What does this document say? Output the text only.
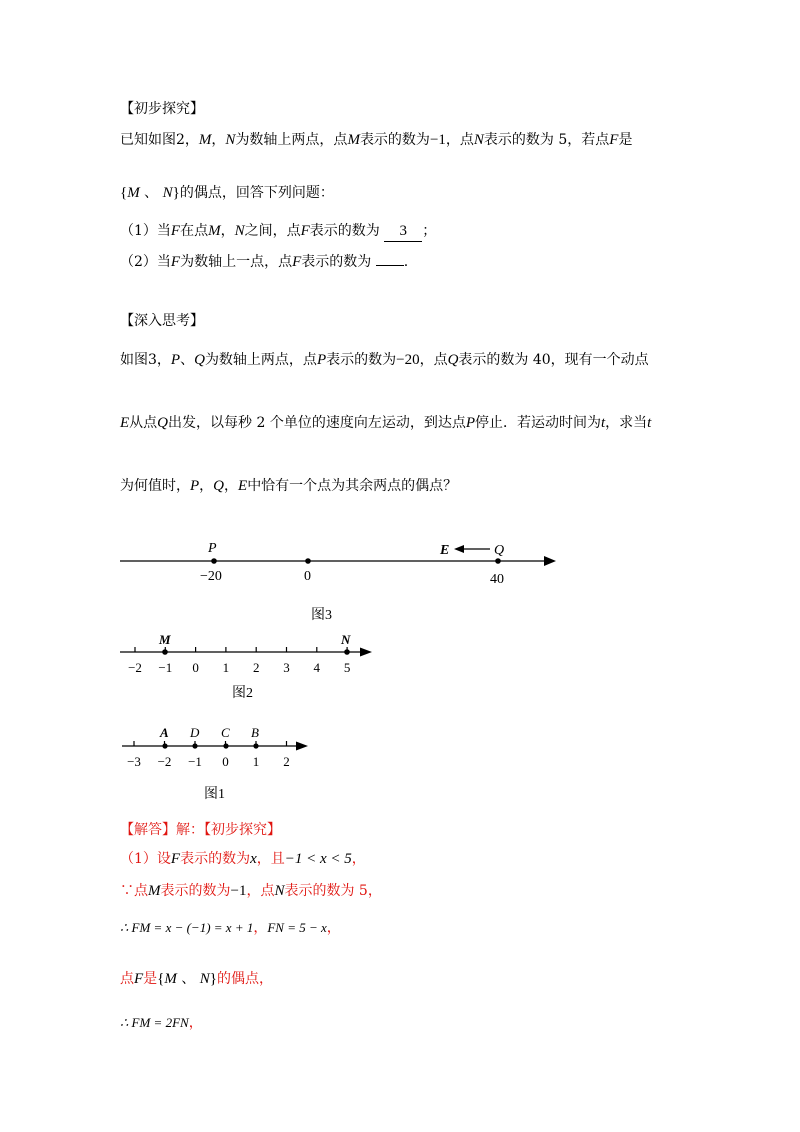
【初步探究】
已知如图2，M，N为数轴上两点，点M表示的数为−1，点N表示的数为 5，若点F是
{M 、 N}的偶点，回答下列问题：
（1）当F在点M，N之间，点F表示的数为 3 ；
（2）当F为数轴上一点，点F表示的数为 .
【深入思考】
如图3，P、Q为数轴上两点，点P表示的数为−20，点Q表示的数为 40，现有一个动点
E从点Q出发，以每秒 2 个单位的速度向左运动，到达点P停止．若运动时间为t，求当t
为何值时，P，Q，E中恰有一个点为其余两点的偶点？
P	E	Q
−20	0	40
图3
M	N
−2 −1 0 1 2 3 4 5
图2
A D C B
−3 −2 −1 0 1 2
图1
【解答】解：【初步探究】
（1）设F表示的数为x，且−1 < x < 5，
∵点M表示的数为−1，点N表示的数为 5，
∴ FM = x − (−1) = x + 1，FN = 5 − x，
点F是{M 、 N}的偶点，
∴ FM = 2FN，
